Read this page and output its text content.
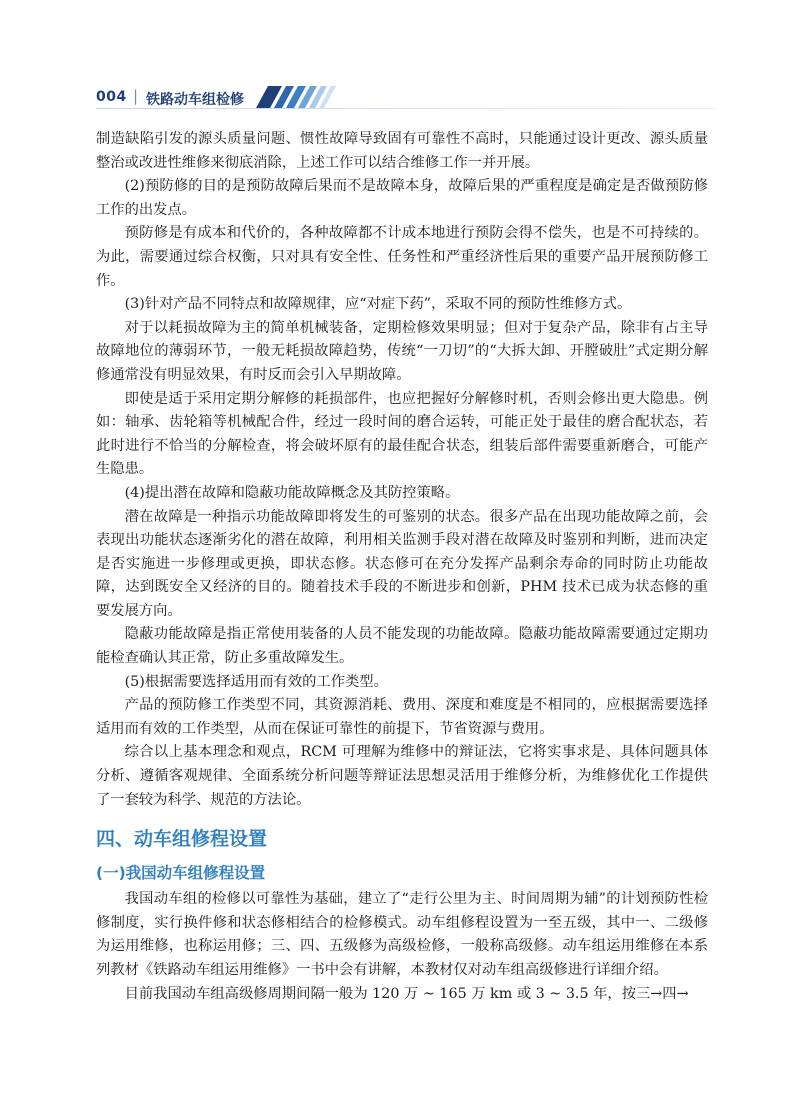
004 | 铁路动车组检修

制造缺陷引发的源头质量问题、惯性故障导致固有可靠性不高时，只能通过设计更改、源头质量整治或改进性维修来彻底消除，上述工作可以结合维修工作一并开展。

(2)预防修的目的是预防故障后果而不是故障本身，故障后果的严重程度是确定是否做预防修工作的出发点。

预防修是有成本和代价的，各种故障都不计成本地进行预防会得不偿失，也是不可持续的。为此，需要通过综合权衡，只对具有安全性、任务性和严重经济性后果的重要产品开展预防修工作。

(3)针对产品不同特点和故障规律，应“对症下药”，采取不同的预防性维修方式。

对于以耗损故障为主的简单机械装备，定期检修效果明显；但对于复杂产品，除非有占主导故障地位的薄弱环节，一般无耗损故障趋势，传统“一刀切”的“大拆大卸、开膛破肚”式定期分解修通常没有明显效果，有时反而会引入早期故障。

即使是适于采用定期分解修的耗损部件，也应把握好分解修时机，否则会修出更大隐患。例如：轴承、齿轮箱等机械配合件，经过一段时间的磨合运转，可能正处于最佳的磨合配状态，若此时进行不恰当的分解检查，将会破坏原有的最佳配合状态，组装后部件需要重新磨合，可能产生隐患。

(4)提出潜在故障和隐蔽功能故障概念及其防控策略。

潜在故障是一种指示功能故障即将发生的可鉴别的状态。很多产品在出现功能故障之前，会表现出功能状态逐渐劣化的潜在故障，利用相关监测手段对潜在故障及时鉴别和判断，进而决定是否实施进一步修理或更换，即状态修。状态修可在充分发挥产品剩余寿命的同时防止功能故障，达到既安全又经济的目的。随着技术手段的不断进步和创新，PHM 技术已成为状态修的重要发展方向。

隐蔽功能故障是指正常使用装备的人员不能发现的功能故障。隐蔽功能故障需要通过定期功能检查确认其正常，防止多重故障发生。

(5)根据需要选择适用而有效的工作类型。

产品的预防修工作类型不同，其资源消耗、费用、深度和难度是不相同的，应根据需要选择适用而有效的工作类型，从而在保证可靠性的前提下，节省资源与费用。

综合以上基本理念和观点，RCM 可理解为维修中的辩证法，它将实事求是、具体问题具体分析、遵循客观规律、全面系统分析问题等辩证法思想灵活用于维修分析，为维修优化工作提供了一套较为科学、规范的方法论。

四、动车组修程设置
(一)我国动车组修程设置

我国动车组的检修以可靠性为基础，建立了“走行公里为主、时间周期为辅”的计划预防性检修制度，实行换件修和状态修相结合的检修模式。动车组修程设置为一至五级，其中一、二级修为运用维修，也称运用修；三、四、五级修为高级检修，一般称高级修。动车组运用维修在本系列教材《铁路动车组运用维修》一书中会有讲解，本教材仅对动车组高级修进行详细介绍。

目前我国动车组高级修周期间隔一般为 120 万 ~ 165 万 km 或 3 ~ 3.5 年，按三→四→
